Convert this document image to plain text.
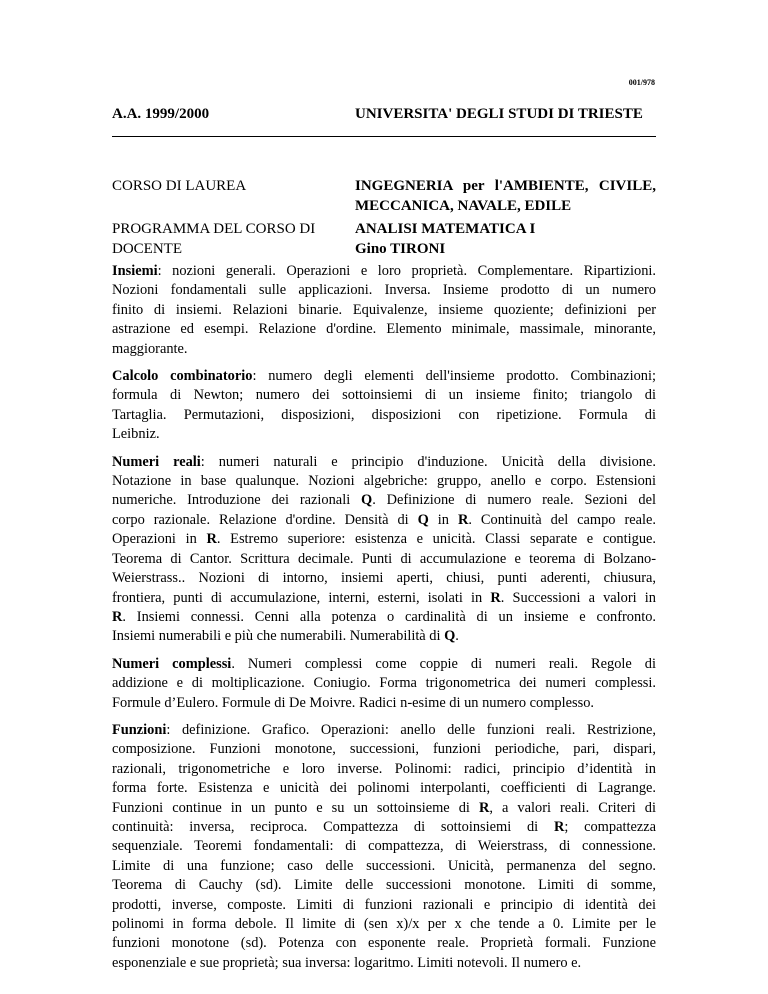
001/978
A.A. 1999/2000	UNIVERSITA' DEGLI STUDI DI TRIESTE
CORSO DI LAUREA	INGEGNERIA per l'AMBIENTE, CIVILE,
MECCANICA, NAVALE, EDILE
PROGRAMMA DEL CORSO DI
DOCENTE
ANALISI MATEMATICA I
Gino TIRONI
Insiemi: nozioni generali. Operazioni e loro proprietà. Complementare. Ripartizioni.
Nozioni fondamentali sulle applicazioni. Inversa. Insieme prodotto di un numero
finito di insiemi. Relazioni binarie. Equivalenze, insieme quoziente; definizioni per
astrazione ed esempi. Relazione d'ordine. Elemento minimale, massimale, minorante,
maggiorante.
Calcolo combinatorio: numero degli elementi dell'insieme prodotto. Combinazioni;
formula di Newton; numero dei sottoinsiemi di un insieme finito; triangolo di
Tartaglia. Permutazioni, disposizioni, disposizioni con ripetizione. Formula di
Leibniz.
Numeri reali: numeri naturali e principio d'induzione. Unicità della divisione.
Notazione in base qualunque. Nozioni algebriche: gruppo, anello e corpo. Estensioni
numeriche. Introduzione dei razionali Q. Definizione di numero reale. Sezioni del
corpo razionale. Relazione d'ordine. Densità di Q in R. Continuità del campo reale.
Operazioni in R. Estremo superiore: esistenza e unicità. Classi separate e contigue.
Teorema di Cantor. Scrittura decimale. Punti di accumulazione e teorema di Bolzano-
Weierstrass.. Nozioni di intorno, insiemi aperti, chiusi, punti aderenti, chiusura,
frontiera, punti di accumulazione, interni, esterni, isolati in R. Successioni a valori in
R. Insiemi connessi. Cenni alla potenza o cardinalità di un insieme e confronto.
Insiemi numerabili e più che numerabili. Numerabilità di Q.
Numeri complessi. Numeri complessi come coppie di numeri reali. Regole di
addizione e di moltiplicazione. Coniugio. Forma trigonometrica dei numeri complessi.
Formule d’Eulero. Formule di De Moivre. Radici n-esime di un numero complesso.
Funzioni: definizione. Grafico. Operazioni: anello delle funzioni reali. Restrizione,
composizione. Funzioni monotone, successioni, funzioni periodiche, pari, dispari,
razionali, trigonometriche e loro inverse. Polinomi: radici, principio d’identità in
forma forte. Esistenza e unicità dei polinomi interpolanti, coefficienti di Lagrange.
Funzioni continue in un punto e su un sottoinsieme di R, a valori reali. Criteri di
continuità: inversa, reciproca. Compattezza di sottoinsiemi di R; compattezza
sequenziale. Teoremi fondamentali: di compattezza, di Weierstrass, di connessione.
Limite di una funzione; caso delle successioni. Unicità, permanenza del segno.
Teorema di Cauchy (sd). Limite delle successioni monotone. Limiti di somme,
prodotti, inverse, composte. Limiti di funzioni razionali e principio di identità dei
polinomi in forma debole. Il limite di (sen x)/x per x che tende a 0. Limite per le
funzioni monotone (sd). Potenza con esponente reale. Proprietà formali. Funzione
esponenziale e sue proprietà; sua inversa: logaritmo. Limiti notevoli. Il numero e.
